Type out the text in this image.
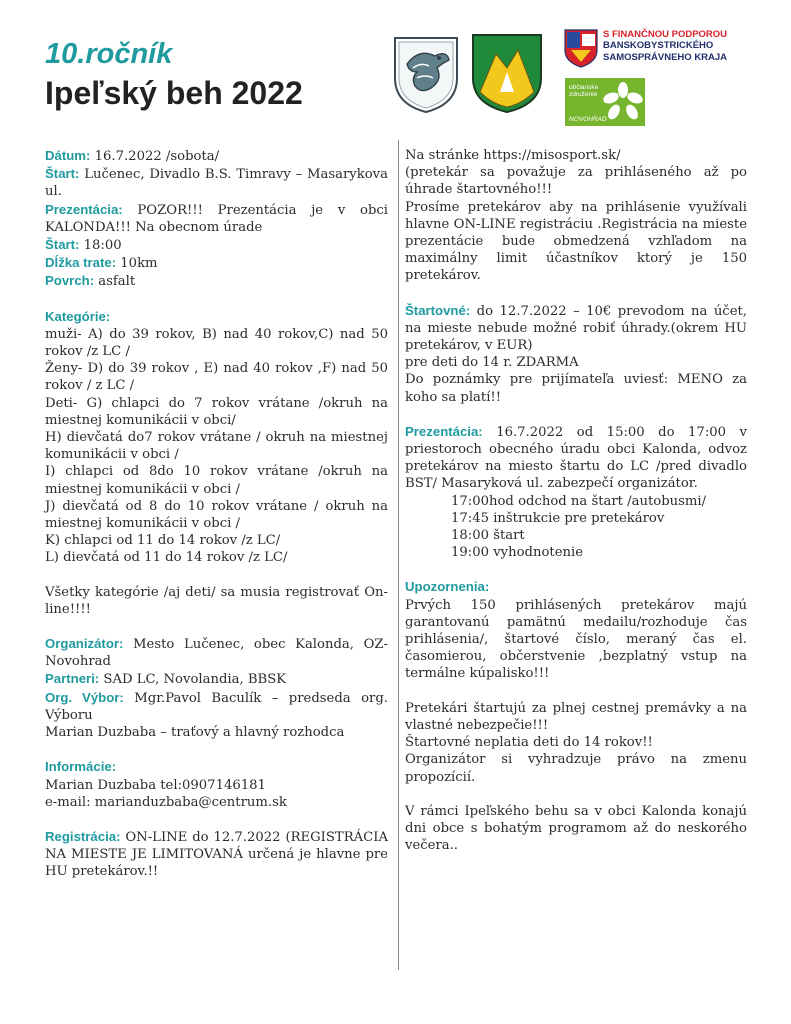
10.ročník
Ipeľský beh 2022
S FINANČNOU PODPOROU
BANSKOBYSTRICKÉHO
SAMOSPRÁVNEHO KRAJA
občianske
združenie
NOVOHRAD

Dátum: 16.7.2022 /sobota/

Štart: Lučenec, Divadlo B.S. Timravy – Masarykova ul.

Prezentácia: POZOR!!! Prezentácia je v obci KALONDA!!! Na obecnom úrade

Štart: 18:00

Dĺžka trate: 10km

Povrch: asfalt

Kategórie:

muži- A) do 39 rokov, B) nad 40 rokov,C) nad 50 rokov /z LC /

Ženy- D) do 39 rokov , E) nad 40 rokov ,F) nad 50 rokov / z LC /

Deti- G) chlapci do 7 rokov vrátane /okruh na miestnej komunikácii v obci/

H) dievčatá do7 rokov vrátane / okruh na miestnej komunikácii v obci /

I) chlapci od 8do 10 rokov vrátane /okruh na miestnej komunikácii v obci /

J) dievčatá od 8 do 10 rokov vrátane / okruh na miestnej komunikácii v obci /

K) chlapci od 11 do 14 rokov /z LC/

L) dievčatá od 11 do 14 rokov /z LC/

Všetky kategórie /aj deti/ sa musia registrovať On-line!!!!

Organizátor: Mesto Lučenec, obec Kalonda, OZ-Novohrad

Partneri: SAD LC, Novolandia, BBSK

Org. Výbor: Mgr.Pavol Baculík – predseda org. Výboru

Marian Duzbaba – traťový a hlavný rozhodca

Informácie:

Marian Duzbaba tel:0907146181

e-mail: marianduzbaba@centrum.sk

Registrácia: ON-LINE do 12.7.2022 (REGISTRÁCIA NA MIESTE JE LIMITOVANÁ určená je hlavne pre HU pretekárov.!!

Na stránke https://misosport.sk/

(pretekár sa považuje za prihláseného až po úhrade štartovného!!!

Prosíme pretekárov aby na prihlásenie využívali hlavne ON-LINE registráciu .Registrácia na mieste prezentácie bude obmedzená vzhľadom na maximálny limit účastníkov ktorý je 150 pretekárov.

Štartovné: do 12.7.2022 – 10€ prevodom na účet, na mieste nebude možné robiť úhrady.(okrem HU pretekárov, v EUR)

pre deti do 14 r. ZDARMA

Do poznámky pre prijímateľa uviesť: MENO za koho sa platí!!

Prezentácia: 16.7.2022 od 15:00 do 17:00 v priestoroch obecného úradu obci Kalonda, odvoz pretekárov na miesto štartu do LC /pred divadlo BST/ Masaryková ul. zabezpečí organizátor.

17:00hod odchod na štart /autobusmi/

17:45 inštrukcie pre pretekárov

18:00 štart

19:00 vyhodnotenie

Upozornenia:

Prvých 150 prihlásených pretekárov majú garantovanú pamätnú medailu/rozhoduje čas prihlásenia/, štartové číslo, meraný čas el. časomierou, občerstvenie ,bezplatný vstup na termálne kúpalisko!!!

Pretekári štartujú za plnej cestnej premávky a na vlastné nebezpečie!!!

Štartovné neplatia deti do 14 rokov!!

Organizátor si vyhradzuje právo na zmenu propozícií.

V rámci Ipeľského behu sa v obci Kalonda konajú dni obce s bohatým programom až do neskorého večera..
